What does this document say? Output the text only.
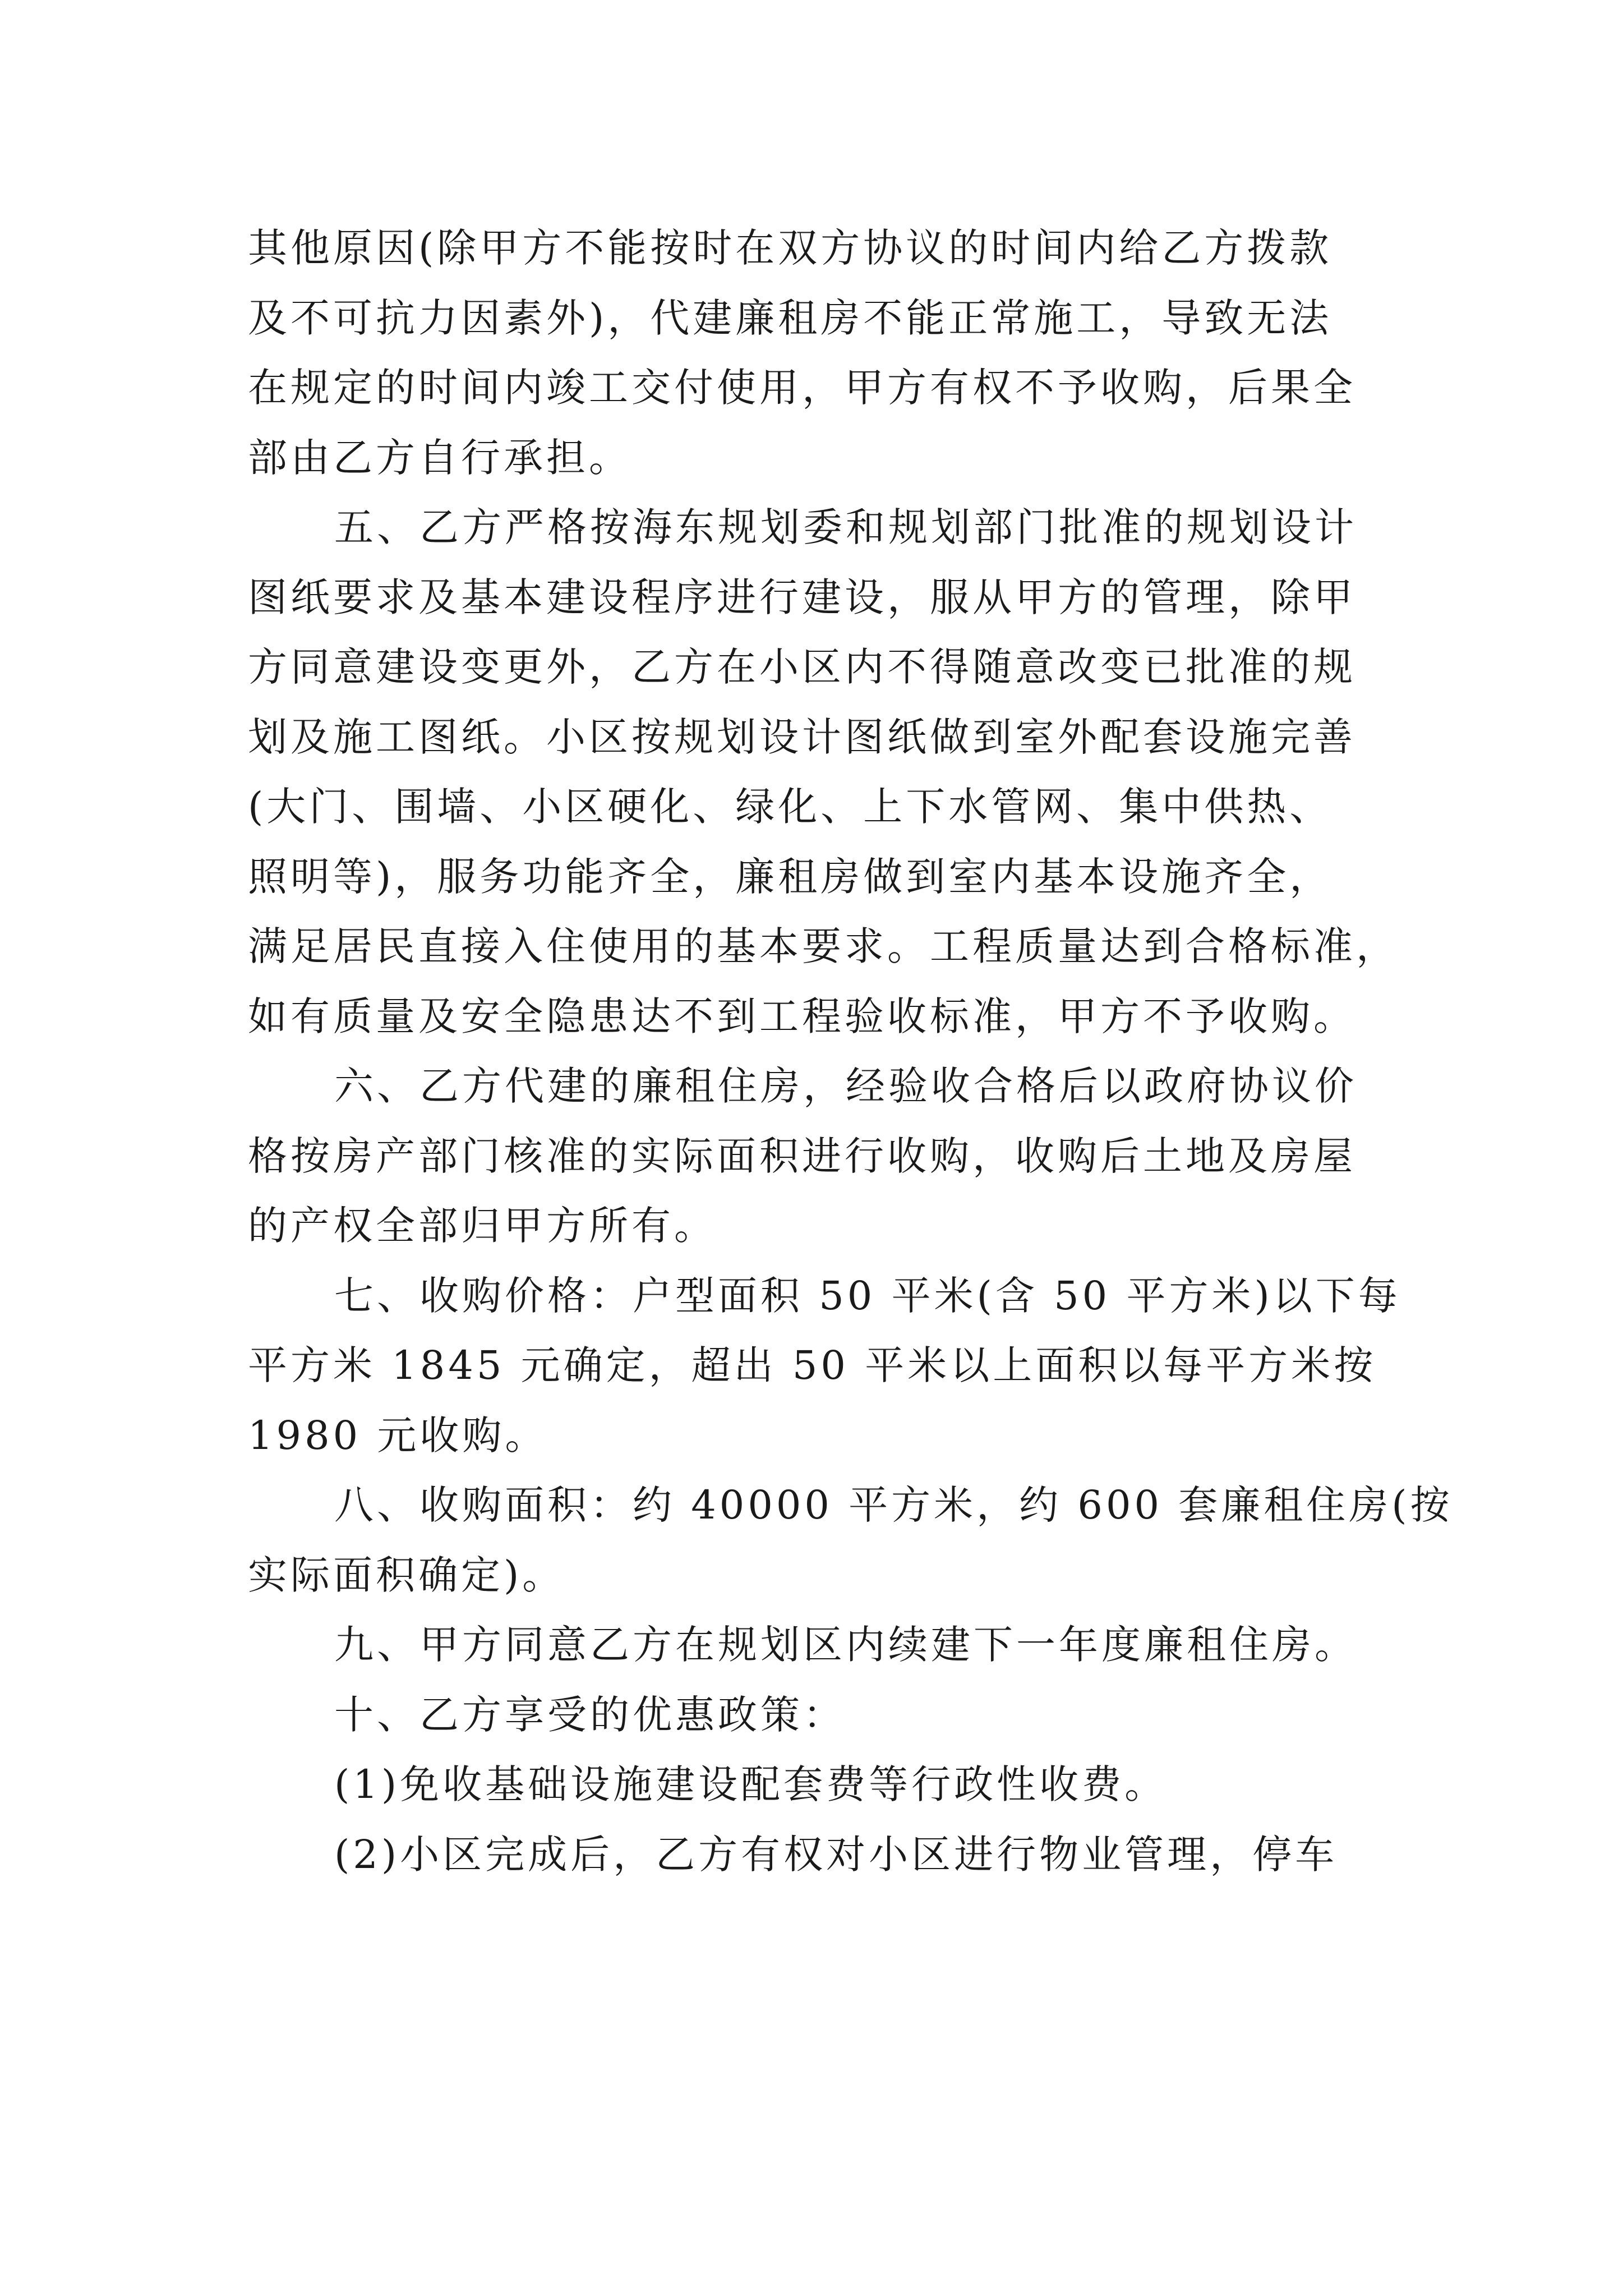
其他原因(除甲方不能按时在双方协议的时间内给乙方拨款
及不可抗力因素外)，代建廉租房不能正常施工，导致无法
在规定的时间内竣工交付使用，甲方有权不予收购，后果全
部由乙方自行承担。
五、乙方严格按海东规划委和规划部门批准的规划设计
图纸要求及基本建设程序进行建设，服从甲方的管理，除甲
方同意建设变更外，乙方在小区内不得随意改变已批准的规
划及施工图纸。小区按规划设计图纸做到室外配套设施完善
(大门、围墙、小区硬化、绿化、上下水管网、集中供热、
照明等)，服务功能齐全，廉租房做到室内基本设施齐全，
满足居民直接入住使用的基本要求。工程质量达到合格标准，
如有质量及安全隐患达不到工程验收标准，甲方不予收购。
六、乙方代建的廉租住房，经验收合格后以政府协议价
格按房产部门核准的实际面积进行收购，收购后土地及房屋
的产权全部归甲方所有。
七、收购价格：户型面积 50 平米(含 50 平方米)以下每
平方米 1845 元确定，超出 50 平米以上面积以每平方米按
1980 元收购。
八、收购面积：约 40000 平方米，约 600 套廉租住房(按
实际面积确定)。
九、甲方同意乙方在规划区内续建下一年度廉租住房。
十、乙方享受的优惠政策：
(1)免收基础设施建设配套费等行政性收费。
(2)小区完成后，乙方有权对小区进行物业管理，停车
